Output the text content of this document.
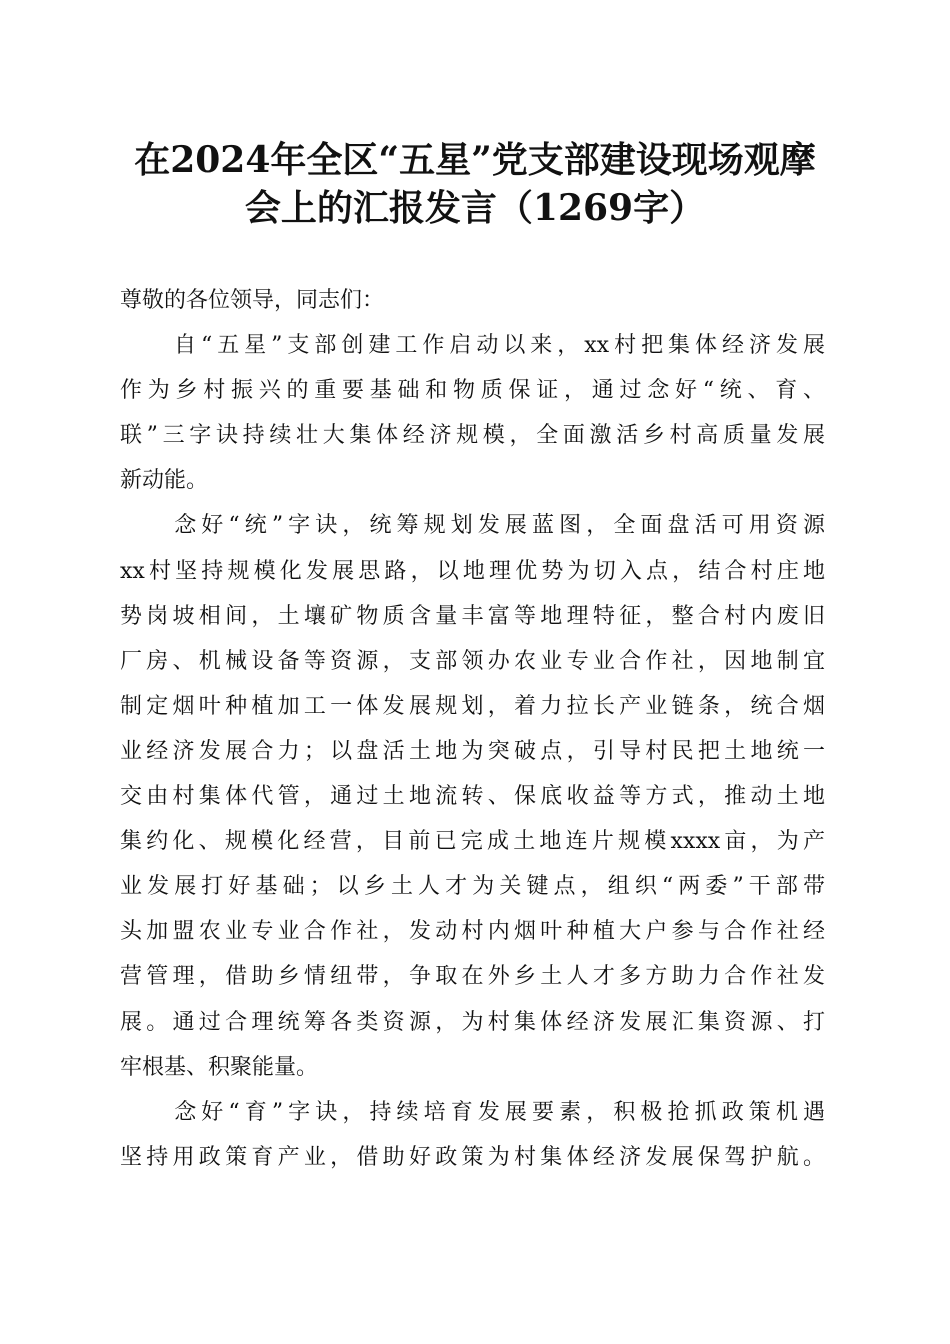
在2024年全区“五星”党支部建设现场观摩
会上的汇报发言（1269字）
尊敬的各位领导，同志们：
　　自“五星”支部创建工作启动以来，xx村把集体经济发展
作为乡村振兴的重要基础和物质保证，通过念好“统、育、
联”三字诀持续壮大集体经济规模，全面激活乡村高质量发展
新动能。
　　念好“统”字诀，统筹规划发展蓝图，全面盘活可用资源
xx村坚持规模化发展思路，以地理优势为切入点，结合村庄地
势岗坡相间，土壤矿物质含量丰富等地理特征，整合村内废旧
厂房、机械设备等资源，支部领办农业专业合作社，因地制宜
制定烟叶种植加工一体发展规划，着力拉长产业链条，统合烟
业经济发展合力；以盘活土地为突破点，引导村民把土地统一
交由村集体代管，通过土地流转、保底收益等方式，推动土地
集约化、规模化经营，目前已完成土地连片规模xxxx亩，为产
业发展打好基础；以乡土人才为关键点，组织“两委”干部带
头加盟农业专业合作社，发动村内烟叶种植大户参与合作社经
营管理，借助乡情纽带，争取在外乡土人才多方助力合作社发
展。通过合理统筹各类资源，为村集体经济发展汇集资源、打
牢根基、积聚能量。
　　念好“育”字诀，持续培育发展要素，积极抢抓政策机遇
坚持用政策育产业，借助好政策为村集体经济发展保驾护航。
